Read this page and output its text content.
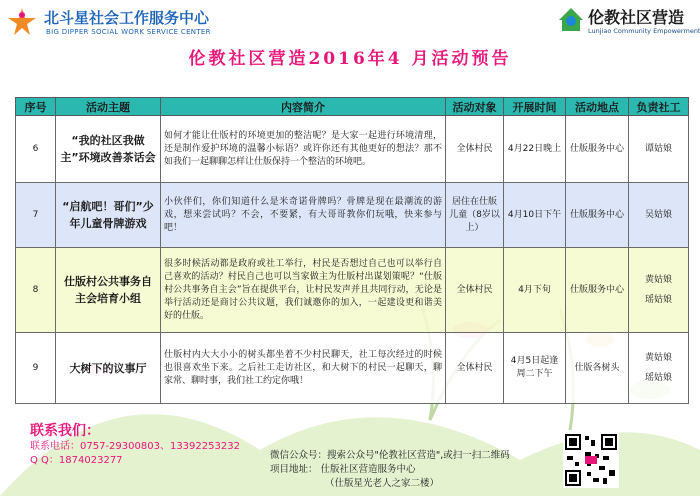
北斗星社会工作服务中心
BIG DIPPER SOCIAL WORK SERVICE CENTER
伦教社区营造
Lunjiao Community Empowerment
伦教社区营造2016年4 月活动预告
序号	活动主题	内容简介	活动对象	开展时间	活动地点	负责社工
6	“我的社区我做主”环境改善茶话会	如何才能让仕版村的环境更加的整洁呢？是大家一起进行环境清理，还是制作爱护环境的温馨小标语？或许你还有其他更好的想法？那不如我们一起聊聊怎样让仕版保持一个整洁的环境吧。	全体村民	4月22日晚上	仕版服务中心	谭姑娘
7	“启航吧！哥们”少年儿童骨牌游戏	小伙伴们，你们知道什么是米奇诺骨牌吗？骨牌是现在最潮流的游戏，想来尝试吗？不会，不要紧，有大哥哥教你们玩哦，快来参与吧！	居住在仕版儿童（8岁以上）	4月10日下午	仕版服务中心	吴姑娘
8	仕版村公共事务自主会培育小组	很多时候活动都是政府或社工举行，村民是否想过自己也可以举行自己喜欢的活动？村民自己也可以当家做主为仕版村出谋划策呢？“仕版村公共事务自主会”旨在提供平台，让村民发声并且共同行动，无论是举行活动还是商讨公共议题，我们诚邀你的加入，一起建设更和谐美好的仕版。	全体村民	4月下旬	仕版服务中心	黄姑娘
瑶姑娘
9	大树下的议事厅	仕版村内大大小小的树头都坐着不少村民聊天，社工每次经过的时候也很喜欢坐下来。之后社工走访社区，和大树下的村民一起聊天，聊家常、聊时事，我们社工约定你哦！	全体村民	4月5日起逢周二下午	仕版各树头	黄姑娘
瑶姑娘
联系我们：
联系电话：0757-29300803、13392253232
Q Q：1874023277	微信公众号：搜索公众号"伦教社区营造",或扫一扫二维码
项目地址： 仕版社区营造服务中心
（仕版星光老人之家二楼）
